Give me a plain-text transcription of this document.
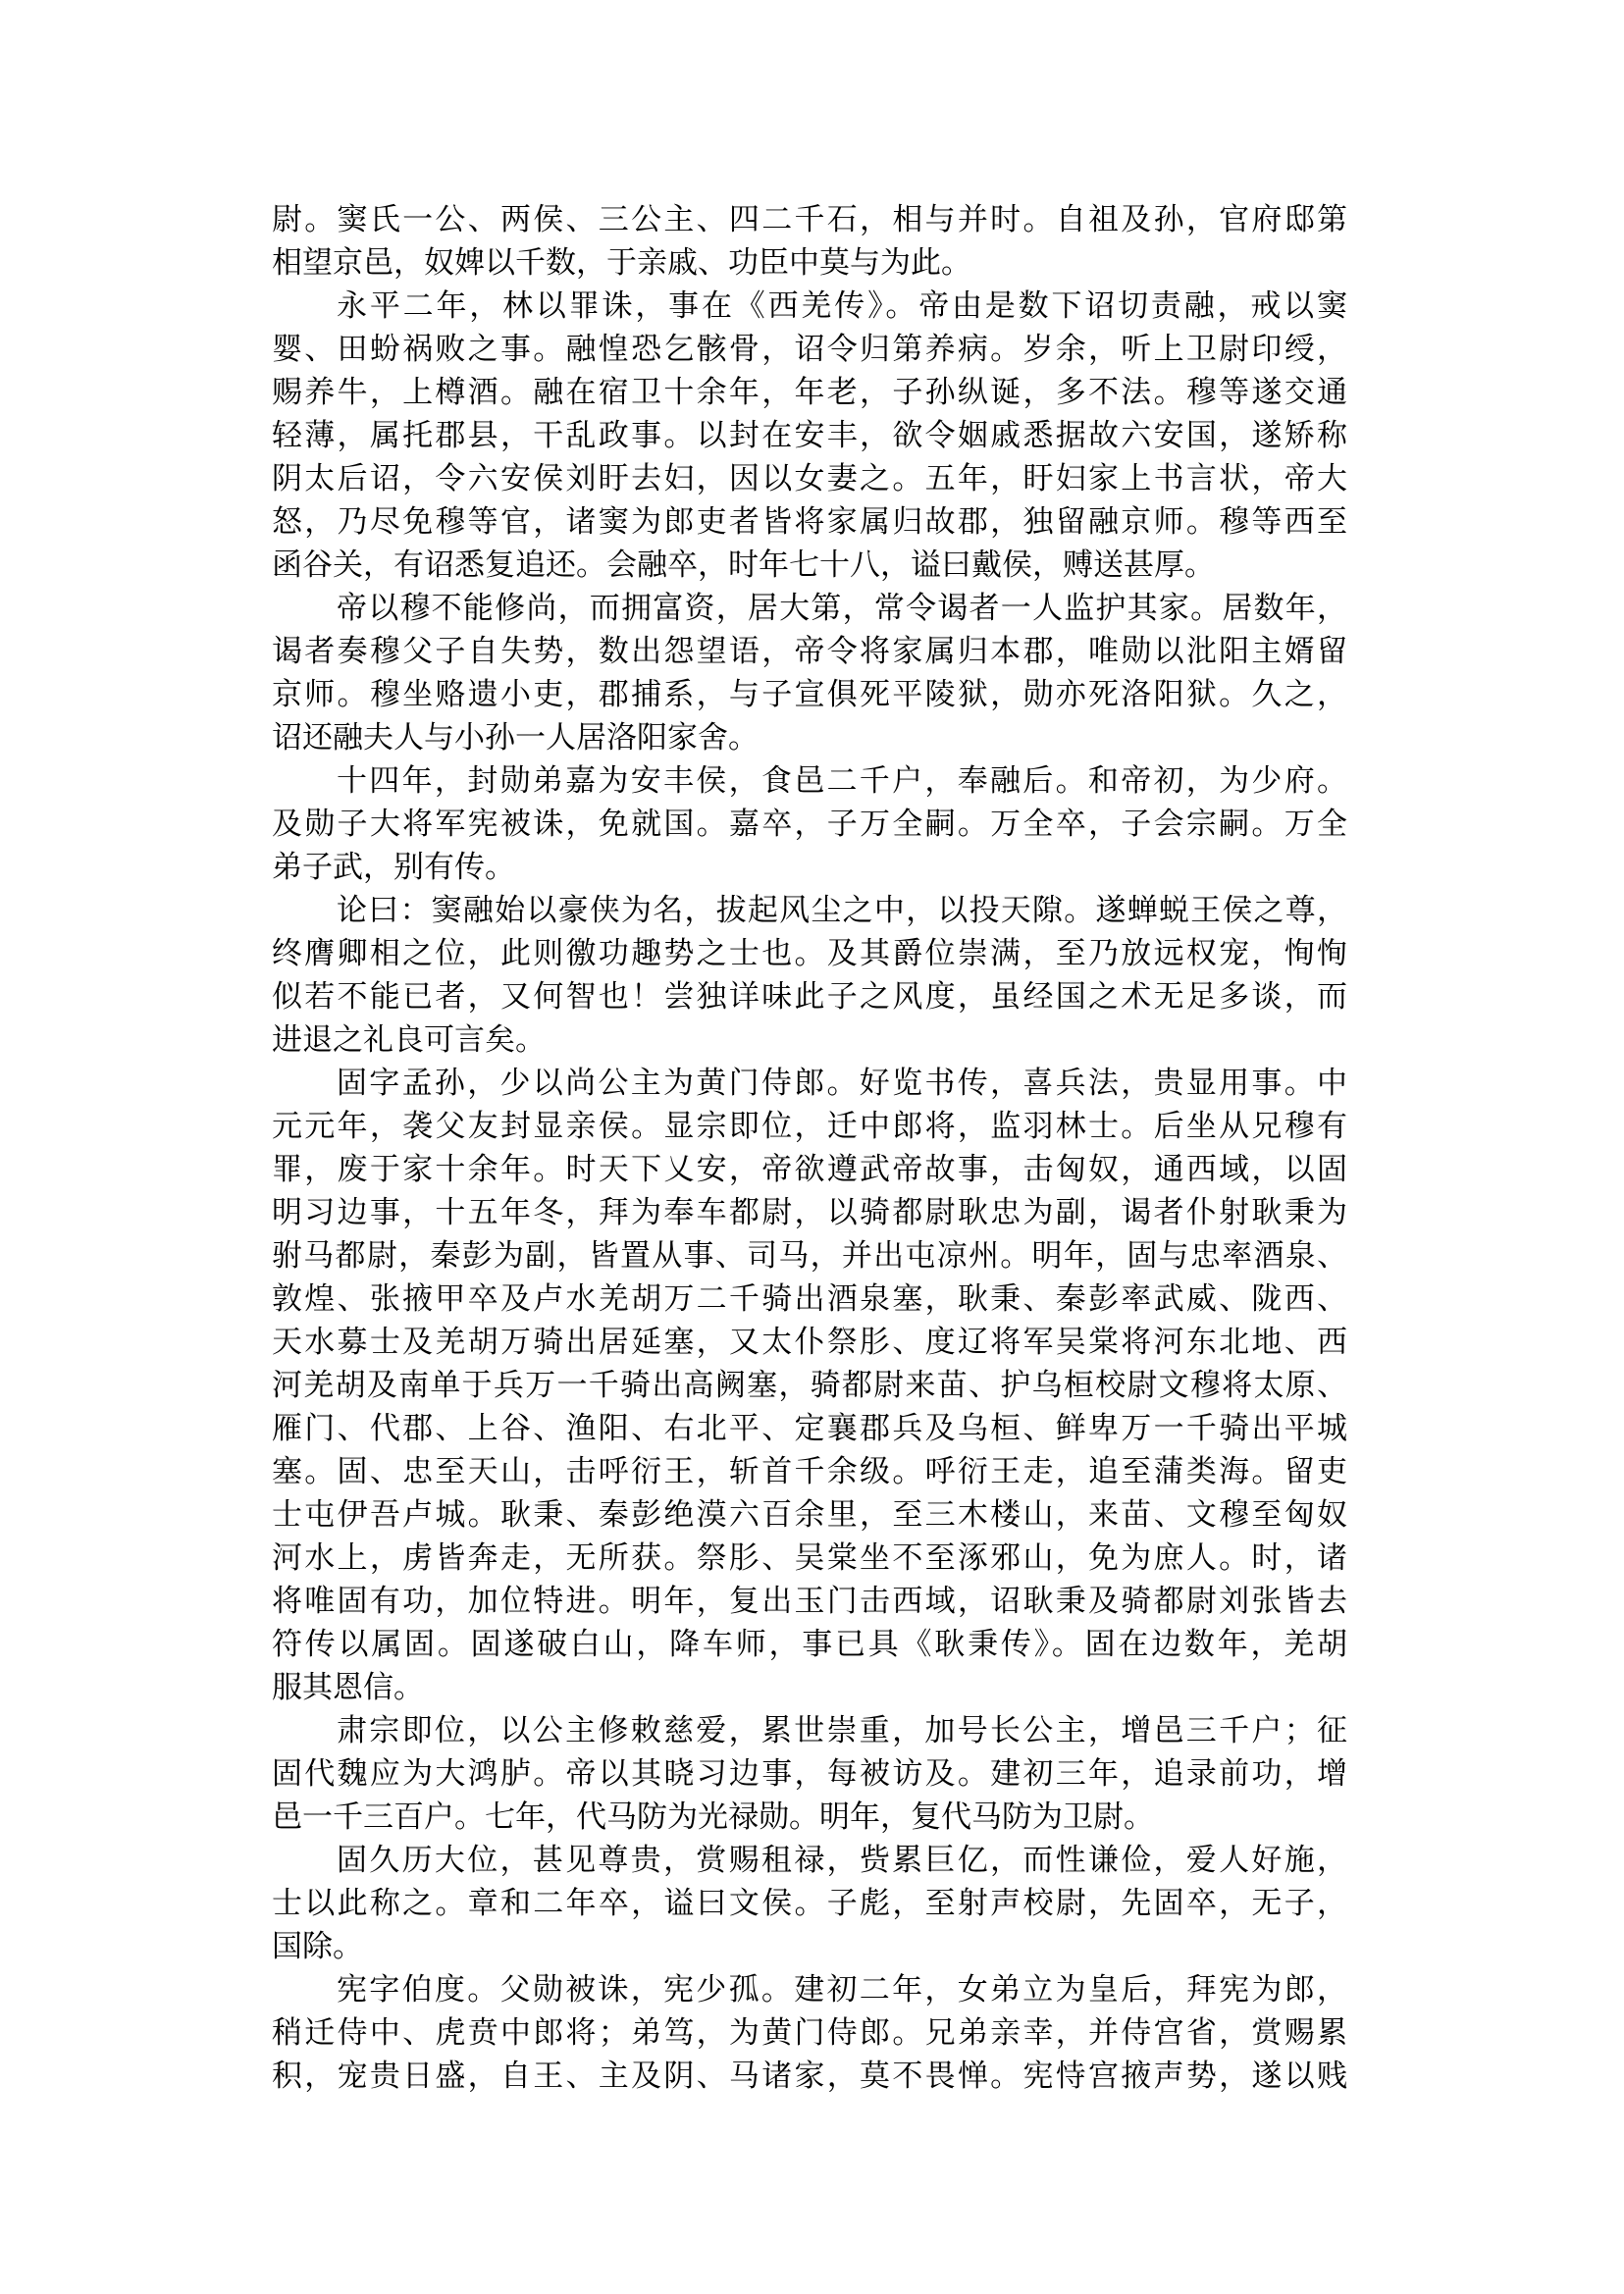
尉。窦氏一公、两侯、三公主、四二千石，相与并时。自祖及孙，官府邸第
相望京邑，奴婢以千数，于亲戚、功臣中莫与为此。
永平二年，林以罪诛，事在《西羌传》。帝由是数下诏切责融，戒以窦
婴、田蚡祸败之事。融惶恐乞骸骨，诏令归第养病。岁余，听上卫尉印绶，
赐养牛，上樽酒。融在宿卫十余年，年老，子孙纵诞，多不法。穆等遂交通
轻薄，属托郡县，干乱政事。以封在安丰，欲令姻戚悉据故六安国，遂矫称
阴太后诏，令六安侯刘盱去妇，因以女妻之。五年，盱妇家上书言状，帝大
怒，乃尽免穆等官，诸窦为郎吏者皆将家属归故郡，独留融京师。穆等西至
函谷关，有诏悉复追还。会融卒，时年七十八，谥曰戴侯，赙送甚厚。
帝以穆不能修尚，而拥富资，居大第，常令谒者一人监护其家。居数年，
谒者奏穆父子自失势，数出怨望语，帝令将家属归本郡，唯勋以沘阳主婿留
京师。穆坐赂遗小吏，郡捕系，与子宣俱死平陵狱，勋亦死洛阳狱。久之，
诏还融夫人与小孙一人居洛阳家舍。
十四年，封勋弟嘉为安丰侯，食邑二千户，奉融后。和帝初，为少府。
及勋子大将军宪被诛，免就国。嘉卒，子万全嗣。万全卒，子会宗嗣。万全
弟子武，别有传。
论曰：窦融始以豪侠为名，拔起风尘之中，以投天隙。遂蝉蜕王侯之尊，
终膺卿相之位，此则徼功趣势之士也。及其爵位崇满，至乃放远权宠，恂恂
似若不能已者，又何智也！尝独详味此子之风度，虽经国之术无足多谈，而
进退之礼良可言矣。
固字孟孙，少以尚公主为黄门侍郎。好览书传，喜兵法，贵显用事。中
元元年，袭父友封显亲侯。显宗即位，迁中郎将，监羽林士。后坐从兄穆有
罪，废于家十余年。时天下乂安，帝欲遵武帝故事，击匈奴，通西域，以固
明习边事，十五年冬，拜为奉车都尉，以骑都尉耿忠为副，谒者仆射耿秉为
驸马都尉，秦彭为副，皆置从事、司马，并出屯凉州。明年，固与忠率酒泉、
敦煌、张掖甲卒及卢水羌胡万二千骑出酒泉塞，耿秉、秦彭率武威、陇西、
天水募士及羌胡万骑出居延塞，又太仆祭肜、度辽将军吴棠将河东北地、西
河羌胡及南单于兵万一千骑出高阙塞，骑都尉来苗、护乌桓校尉文穆将太原、
雁门、代郡、上谷、渔阳、右北平、定襄郡兵及乌桓、鲜卑万一千骑出平城
塞。固、忠至天山，击呼衍王，斩首千余级。呼衍王走，追至蒲类海。留吏
士屯伊吾卢城。耿秉、秦彭绝漠六百余里，至三木楼山，来苗、文穆至匈奴
河水上，虏皆奔走，无所获。祭肜、吴棠坐不至涿邪山，免为庶人。时，诸
将唯固有功，加位特进。明年，复出玉门击西域，诏耿秉及骑都尉刘张皆去
符传以属固。固遂破白山，降车师，事已具《耿秉传》。固在边数年，羌胡
服其恩信。
肃宗即位，以公主修敕慈爱，累世崇重，加号长公主，增邑三千户；征
固代魏应为大鸿胪。帝以其晓习边事，每被访及。建初三年，追录前功，增
邑一千三百户。七年，代马防为光禄勋。明年，复代马防为卫尉。
固久历大位，甚见尊贵，赏赐租禄，赀累巨亿，而性谦俭，爱人好施，
士以此称之。章和二年卒，谥曰文侯。子彪，至射声校尉，先固卒，无子，
国除。
宪字伯度。父勋被诛，宪少孤。建初二年，女弟立为皇后，拜宪为郎，
稍迁侍中、虎贲中郎将；弟笃，为黄门侍郎。兄弟亲幸，并侍宫省，赏赐累
积，宠贵日盛，自王、主及阴、马诸家，莫不畏惮。宪恃宫掖声势，遂以贱
